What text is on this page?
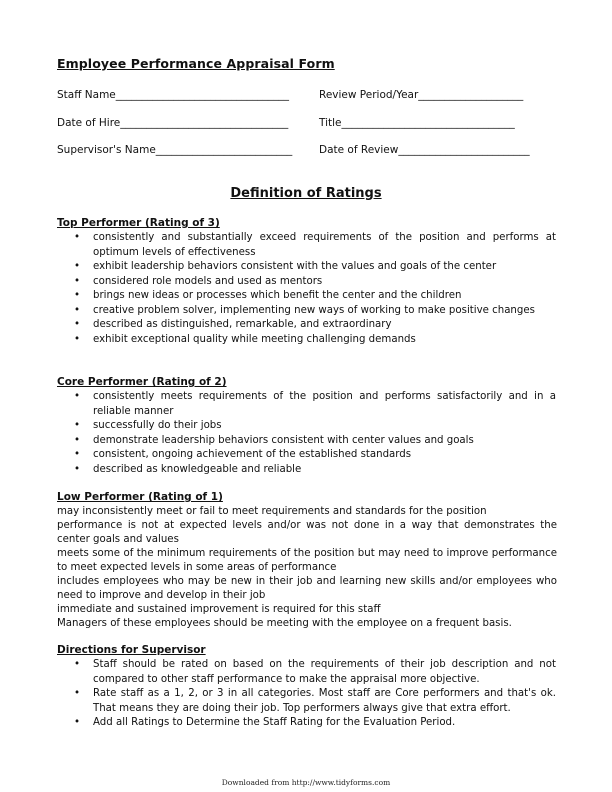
Employee Performance Appraisal Form
Staff Name_________________________________	Review Period/Year____________________
Date of Hire________________________________	Title_________________________________
Supervisor's Name__________________________	Date of Review_________________________
Definition of Ratings
Top Performer (Rating of 3)
• consistently and substantially exceed requirements of the position and performs at optimum levels of effectiveness
• exhibit leadership behaviors consistent with the values and goals of the center
• considered role models and used as mentors
• brings new ideas or processes which benefit the center and the children
• creative problem solver, implementing new ways of working to make positive changes
• described as distinguished, remarkable, and extraordinary
• exhibit exceptional quality while meeting challenging demands
Core Performer (Rating of 2)
• consistently meets requirements of the position and performs satisfactorily and in a reliable manner
• successfully do their jobs
• demonstrate leadership behaviors consistent with center values and goals
• consistent, ongoing achievement of the established standards
• described as knowledgeable and reliable
Low Performer (Rating of 1)

may inconsistently meet or fail to meet requirements and standards for the position

performance is not at expected levels and/or was not done in a way that demonstrates the center goals and values

meets some of the minimum requirements of the position but may need to improve performance to meet expected levels in some areas of performance

includes employees who may be new in their job and learning new skills and/or employees who need to improve and develop in their job

immediate and sustained improvement is required for this staff

Managers of these employees should be meeting with the employee on a frequent basis.

Directions for Supervisor
• Staff should be rated on based on the requirements of their job description and not compared to other staff performance to make the appraisal more objective.
• Rate staff as a 1, 2, or 3 in all categories. Most staff are Core performers and that's ok. That means they are doing their job. Top performers always give that extra effort.
• Add all Ratings to Determine the Staff Rating for the Evaluation Period.
Downloaded from http://www.tidyforms.com
